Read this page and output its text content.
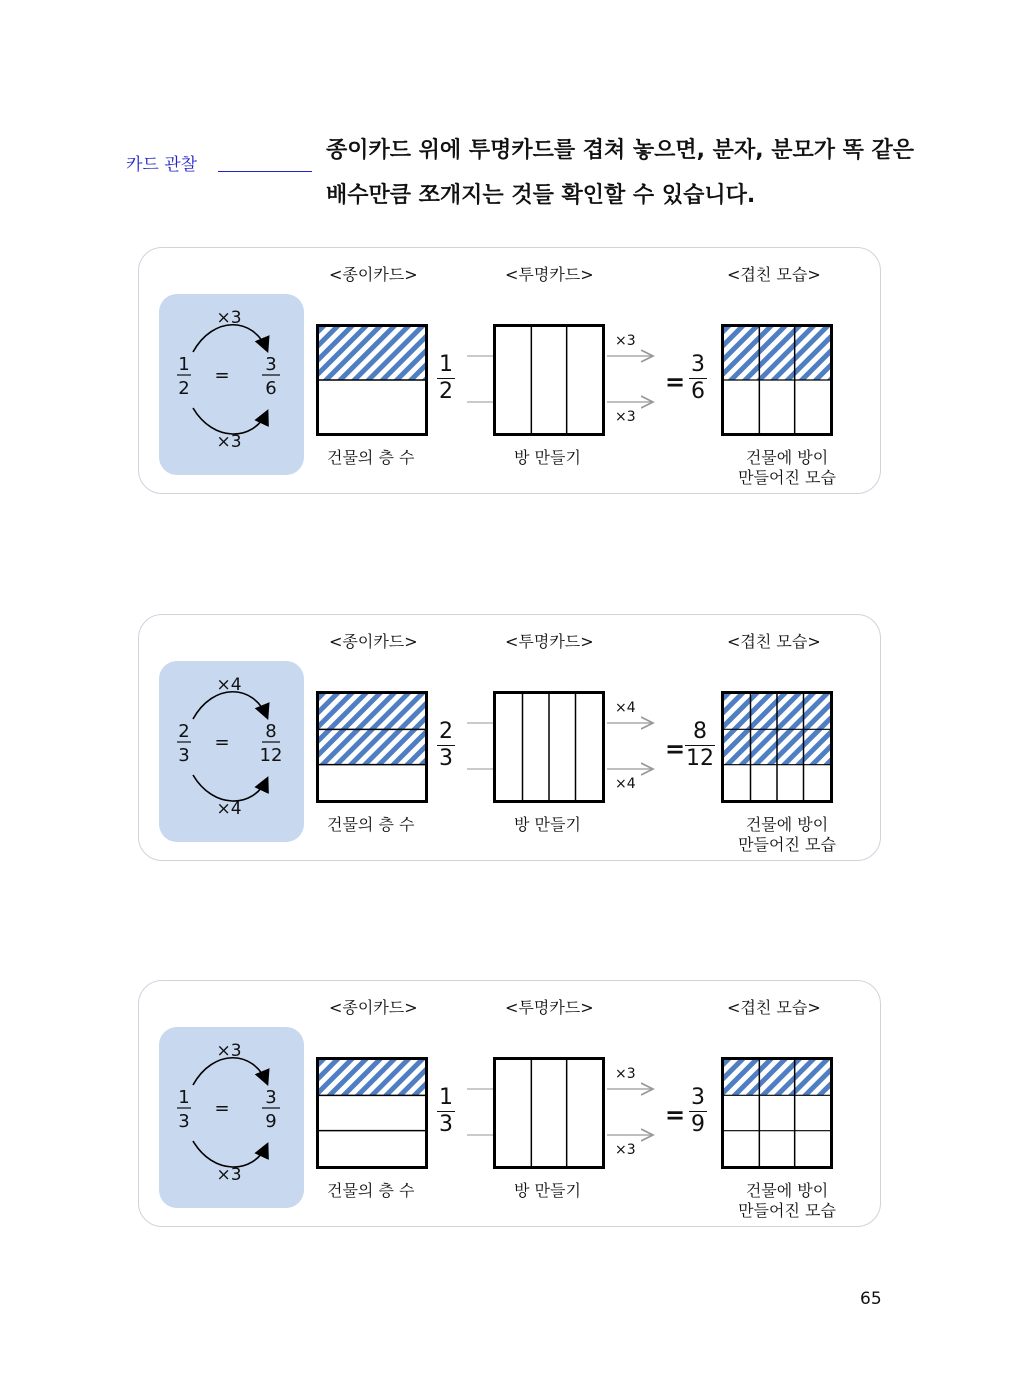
카드 관찰
종이카드 위에 투명카드를 겹쳐 놓으면, 분자, 분모가 똑 같은
배수만큼 쪼개지는 것들 확인할 수 있습니다.
<종이카드>	<투명카드>	<겹친 모습>
×3
×3
1
2
=
3
6
1
2
×3
×3
=
3
6
건물의 층 수	방 만들기	건물에 방이
만들어진 모습
<종이카드>	<투명카드>	<겹친 모습>
×4
×4
2
3
=
8
12
2
3
×4
×4
=
8
12
건물의 층 수	방 만들기	건물에 방이
만들어진 모습
<종이카드>	<투명카드>	<겹친 모습>
×3
×3
1
3
=
3
9
1
3
×3
×3
=
3
9
건물의 층 수	방 만들기	건물에 방이
만들어진 모습
65
